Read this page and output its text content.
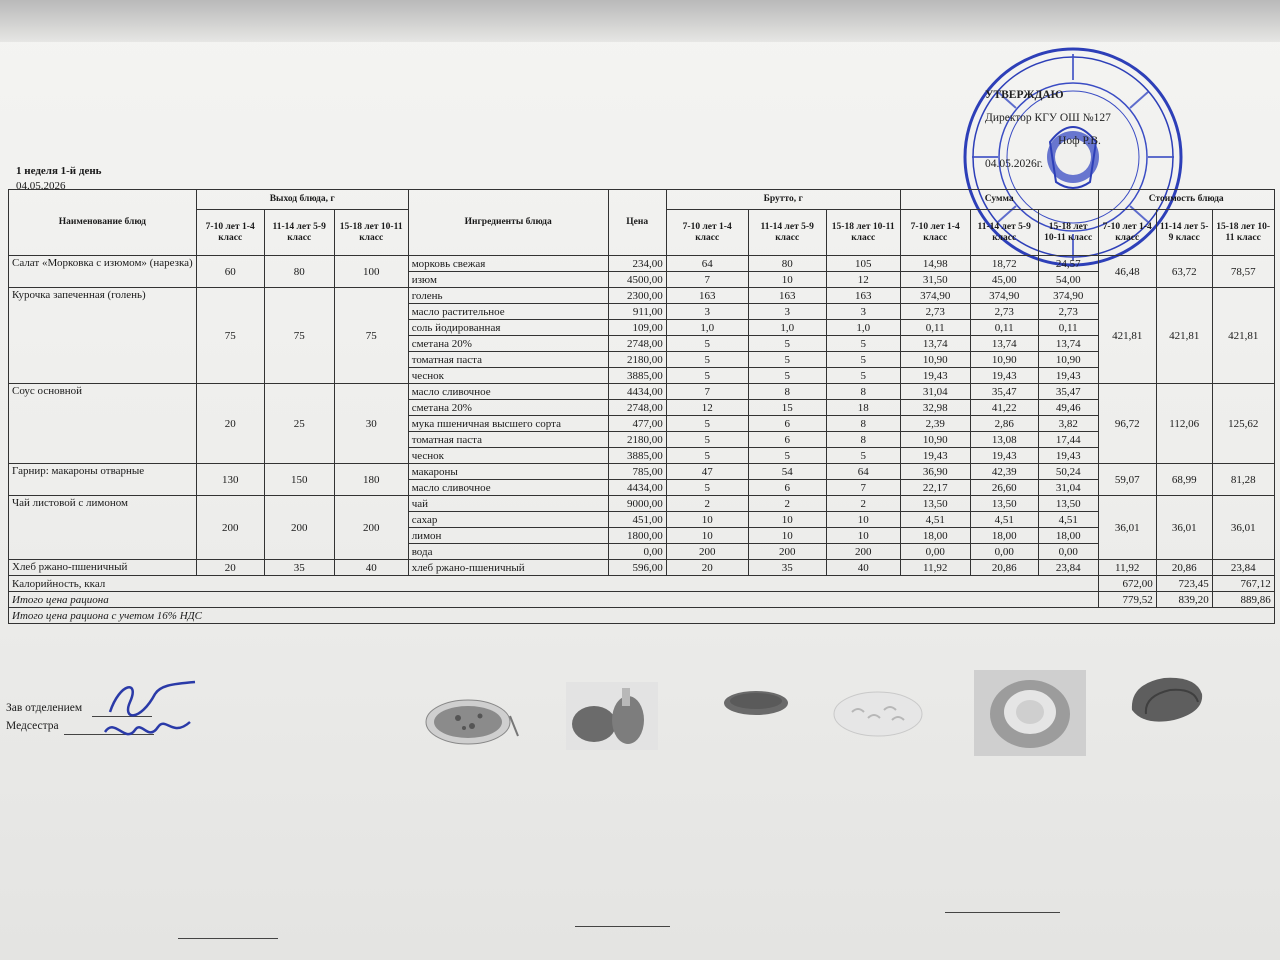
1 неделя 1-й день
04.05.2026
УТВЕРЖДАЮ
Директор КГУ ОШ №127
Ноф Р.В.
04.05.2026г.
Наименование блюд	Выход блюда, г			Ингредиенты блюда	Цена	Брутто, г			Сумма			Стоимость блюда		
	7-10 лет 1-4 класс	11-14 лет 5-9 класс	15-18 лет 10-11 класс			7-10 лет 1-4 класс	11-14 лет 5-9 класс	15-18 лет 10-11 класс	7-10 лет 1-4 класс	11-14 лет 5-9 класс	15-18 лет 10-11 класс	7-10 лет 1-4 класс	11-14 лет 5-9 класс	15-18 лет 10-11 класс
Салат «Морковка с изюмом» (нарезка)	60	80	100	морковь свежая	234,00	64	80	105	14,98	18,72	24,57	46,48	63,72	78,57
				изюм	4500,00	7	10	12	31,50	45,00	54,00			
Курочка запеченная (голень)	75	75	75	голень	2300,00	163	163	163	374,90	374,90	374,90	421,81	421,81	421,81
				масло растительное	911,00	3	3	3	2,73	2,73	2,73			
				соль йодированная	109,00	1,0	1,0	1,0	0,11	0,11	0,11			
				сметана 20%	2748,00	5	5	5	13,74	13,74	13,74			
				томатная паста	2180,00	5	5	5	10,90	10,90	10,90			
				чеснок	3885,00	5	5	5	19,43	19,43	19,43			
Соус основной	20	25	30	масло сливочное	4434,00	7	8	8	31,04	35,47	35,47	96,72	112,06	125,62
				сметана 20%	2748,00	12	15	18	32,98	41,22	49,46			
				мука пшеничная высшего сорта	477,00	5	6	8	2,39	2,86	3,82			
				томатная паста	2180,00	5	6	8	10,90	13,08	17,44			
				чеснок	3885,00	5	5	5	19,43	19,43	19,43			
Гарнир: макароны отварные	130	150	180	макароны	785,00	47	54	64	36,90	42,39	50,24	59,07	68,99	81,28
				масло сливочное	4434,00	5	6	7	22,17	26,60	31,04			
Чай листовой с лимоном	200	200	200	чай	9000,00	2	2	2	13,50	13,50	13,50	36,01	36,01	36,01
				сахар	451,00	10	10	10	4,51	4,51	4,51			
				лимон	1800,00	10	10	10	18,00	18,00	18,00			
				вода	0,00	200	200	200	0,00	0,00	0,00			
Хлеб ржано-пшеничный	20	35	40	хлеб ржано-пшеничный	596,00	20	35	40	11,92	20,86	23,84	11,92	20,86	23,84
Калорийность, ккал												672,00	723,45	767,12
Итого цена рациона												779,52	839,20	889,86
Итого цена рациона с учетом 16% НДС														
Зав отделением
Медсестра
